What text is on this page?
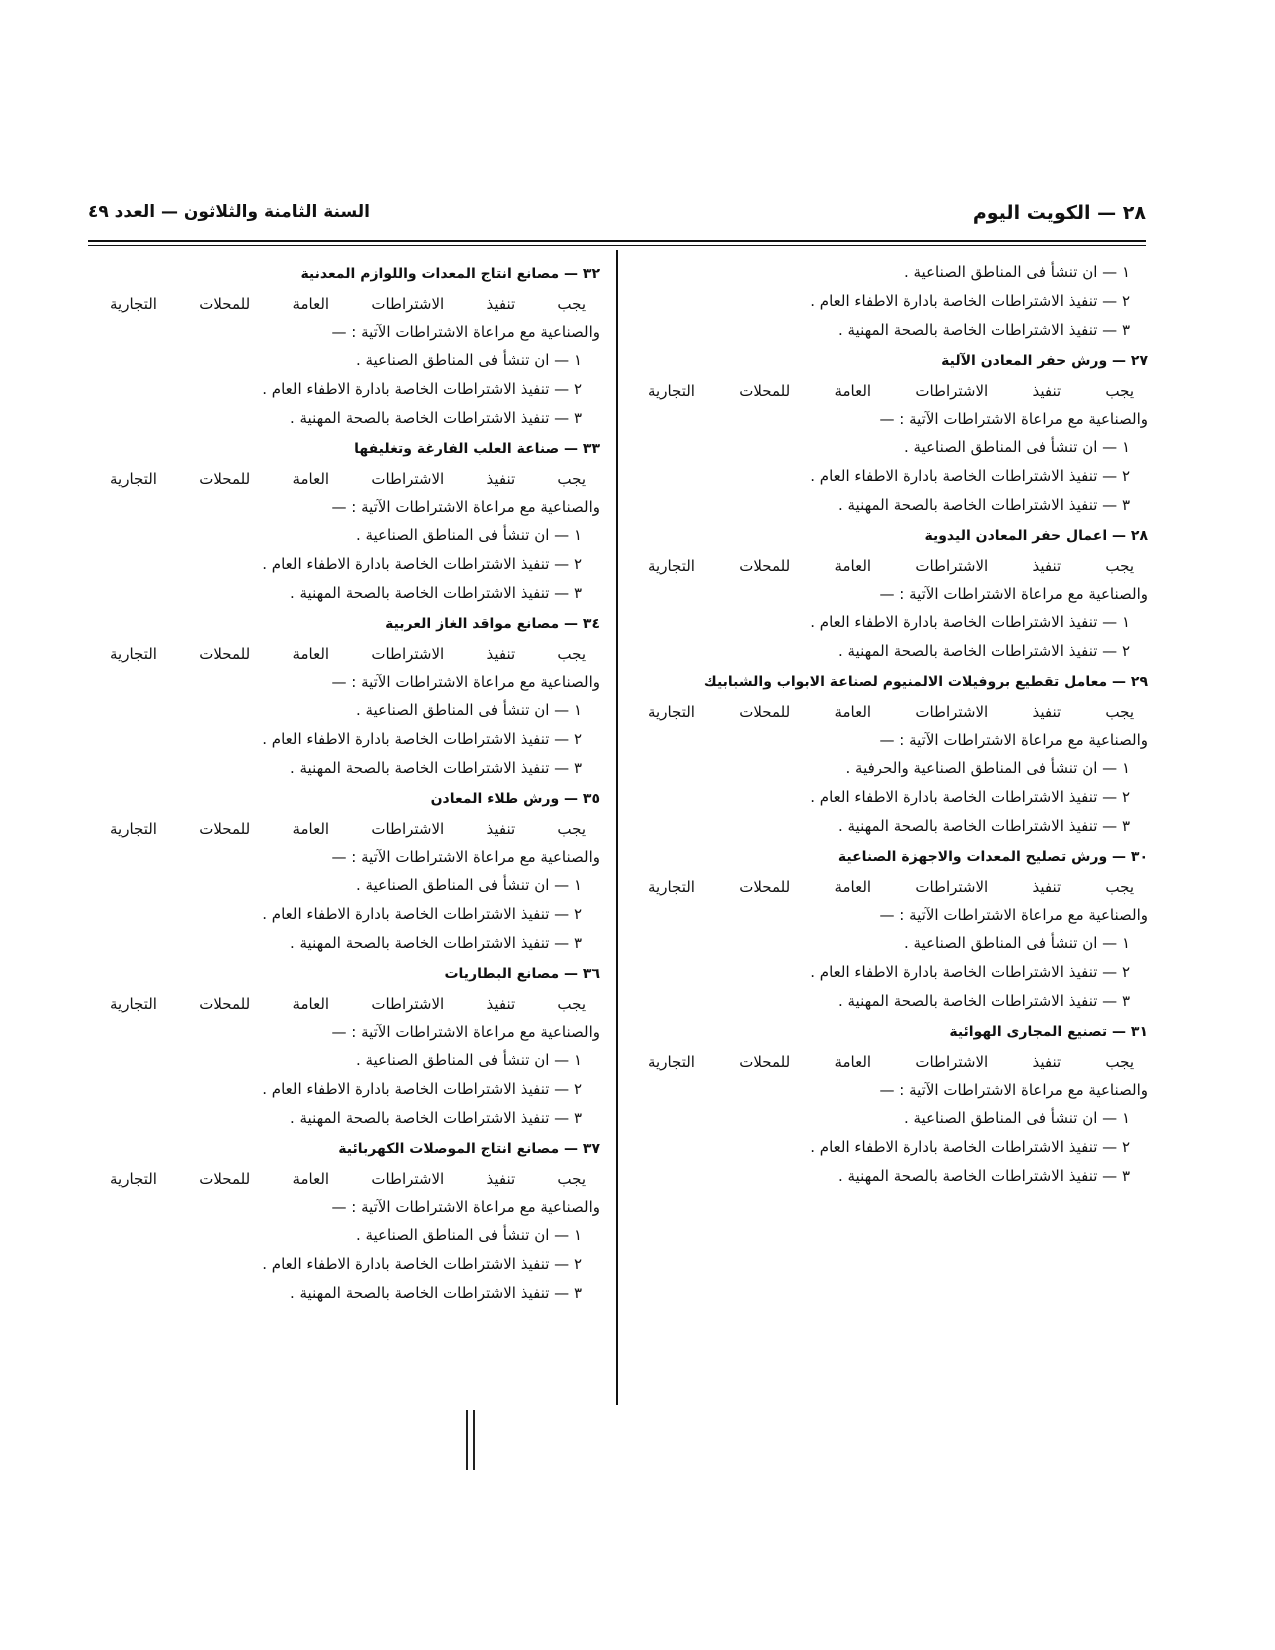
٢٨ — الكويت اليوم
السنة الثامنة والثلاثون — العدد ٤٩
١ — ان تنشأ فى المناطق الصناعية .
٢ — تنفيذ الاشتراطات الخاصة بادارة الاطفاء العام .
٣ — تنفيذ الاشتراطات الخاصة بالصحة المهنية .
٢٧ — ورش حفر المعادن الآلية
يجب تنفيذ الاشتراطات العامة للمحلات التجارية
والصناعية مع مراعاة الاشتراطات الآتية : —
١ — ان تنشأ فى المناطق الصناعية .
٢ — تنفيذ الاشتراطات الخاصة بادارة الاطفاء العام .
٣ — تنفيذ الاشتراطات الخاصة بالصحة المهنية .
٢٨ — اعمال حفر المعادن اليدوية
يجب تنفيذ الاشتراطات العامة للمحلات التجارية
والصناعية مع مراعاة الاشتراطات الآتية : —
١ — تنفيذ الاشتراطات الخاصة بادارة الاطفاء العام .
٢ — تنفيذ الاشتراطات الخاصة بالصحة المهنية .
٢٩ — معامل تقطيع بروفيلات الالمنيوم لصناعة الابواب والشبابيك
يجب تنفيذ الاشتراطات العامة للمحلات التجارية
والصناعية مع مراعاة الاشتراطات الآتية : —
١ — ان تنشأ فى المناطق الصناعية والحرفية .
٢ — تنفيذ الاشتراطات الخاصة بادارة الاطفاء العام .
٣ — تنفيذ الاشتراطات الخاصة بالصحة المهنية .
٣٠ — ورش تصليح المعدات والاجهزة الصناعية
يجب تنفيذ الاشتراطات العامة للمحلات التجارية
والصناعية مع مراعاة الاشتراطات الآتية : —
١ — ان تنشأ فى المناطق الصناعية .
٢ — تنفيذ الاشتراطات الخاصة بادارة الاطفاء العام .
٣ — تنفيذ الاشتراطات الخاصة بالصحة المهنية .
٣١ — تصنيع المجارى الهوائية
يجب تنفيذ الاشتراطات العامة للمحلات التجارية
والصناعية مع مراعاة الاشتراطات الآتية : —
١ — ان تنشأ فى المناطق الصناعية .
٢ — تنفيذ الاشتراطات الخاصة بادارة الاطفاء العام .
٣ — تنفيذ الاشتراطات الخاصة بالصحة المهنية .
٣٢ — مصانع انتاج المعدات واللوازم المعدنية
يجب تنفيذ الاشتراطات العامة للمحلات التجارية
والصناعية مع مراعاة الاشتراطات الآتية : —
١ — ان تنشأ فى المناطق الصناعية .
٢ — تنفيذ الاشتراطات الخاصة بادارة الاطفاء العام .
٣ — تنفيذ الاشتراطات الخاصة بالصحة المهنية .
٣٣ — صناعة العلب الفارغة وتغليفها
يجب تنفيذ الاشتراطات العامة للمحلات التجارية
والصناعية مع مراعاة الاشتراطات الآتية : —
١ — ان تنشأ فى المناطق الصناعية .
٢ — تنفيذ الاشتراطات الخاصة بادارة الاطفاء العام .
٣ — تنفيذ الاشتراطات الخاصة بالصحة المهنية .
٣٤ — مصانع مواقد الغاز العربية
يجب تنفيذ الاشتراطات العامة للمحلات التجارية
والصناعية مع مراعاة الاشتراطات الآتية : —
١ — ان تنشأ فى المناطق الصناعية .
٢ — تنفيذ الاشتراطات الخاصة بادارة الاطفاء العام .
٣ — تنفيذ الاشتراطات الخاصة بالصحة المهنية .
٣٥ — ورش طلاء المعادن
يجب تنفيذ الاشتراطات العامة للمحلات التجارية
والصناعية مع مراعاة الاشتراطات الآتية : —
١ — ان تنشأ فى المناطق الصناعية .
٢ — تنفيذ الاشتراطات الخاصة بادارة الاطفاء العام .
٣ — تنفيذ الاشتراطات الخاصة بالصحة المهنية .
٣٦ — مصانع البطاريات
يجب تنفيذ الاشتراطات العامة للمحلات التجارية
والصناعية مع مراعاة الاشتراطات الآتية : —
١ — ان تنشأ فى المناطق الصناعية .
٢ — تنفيذ الاشتراطات الخاصة بادارة الاطفاء العام .
٣ — تنفيذ الاشتراطات الخاصة بالصحة المهنية .
٣٧ — مصانع انتاج الموصلات الكهربائية
يجب تنفيذ الاشتراطات العامة للمحلات التجارية
والصناعية مع مراعاة الاشتراطات الآتية : —
١ — ان تنشأ فى المناطق الصناعية .
٢ — تنفيذ الاشتراطات الخاصة بادارة الاطفاء العام .
٣ — تنفيذ الاشتراطات الخاصة بالصحة المهنية .
